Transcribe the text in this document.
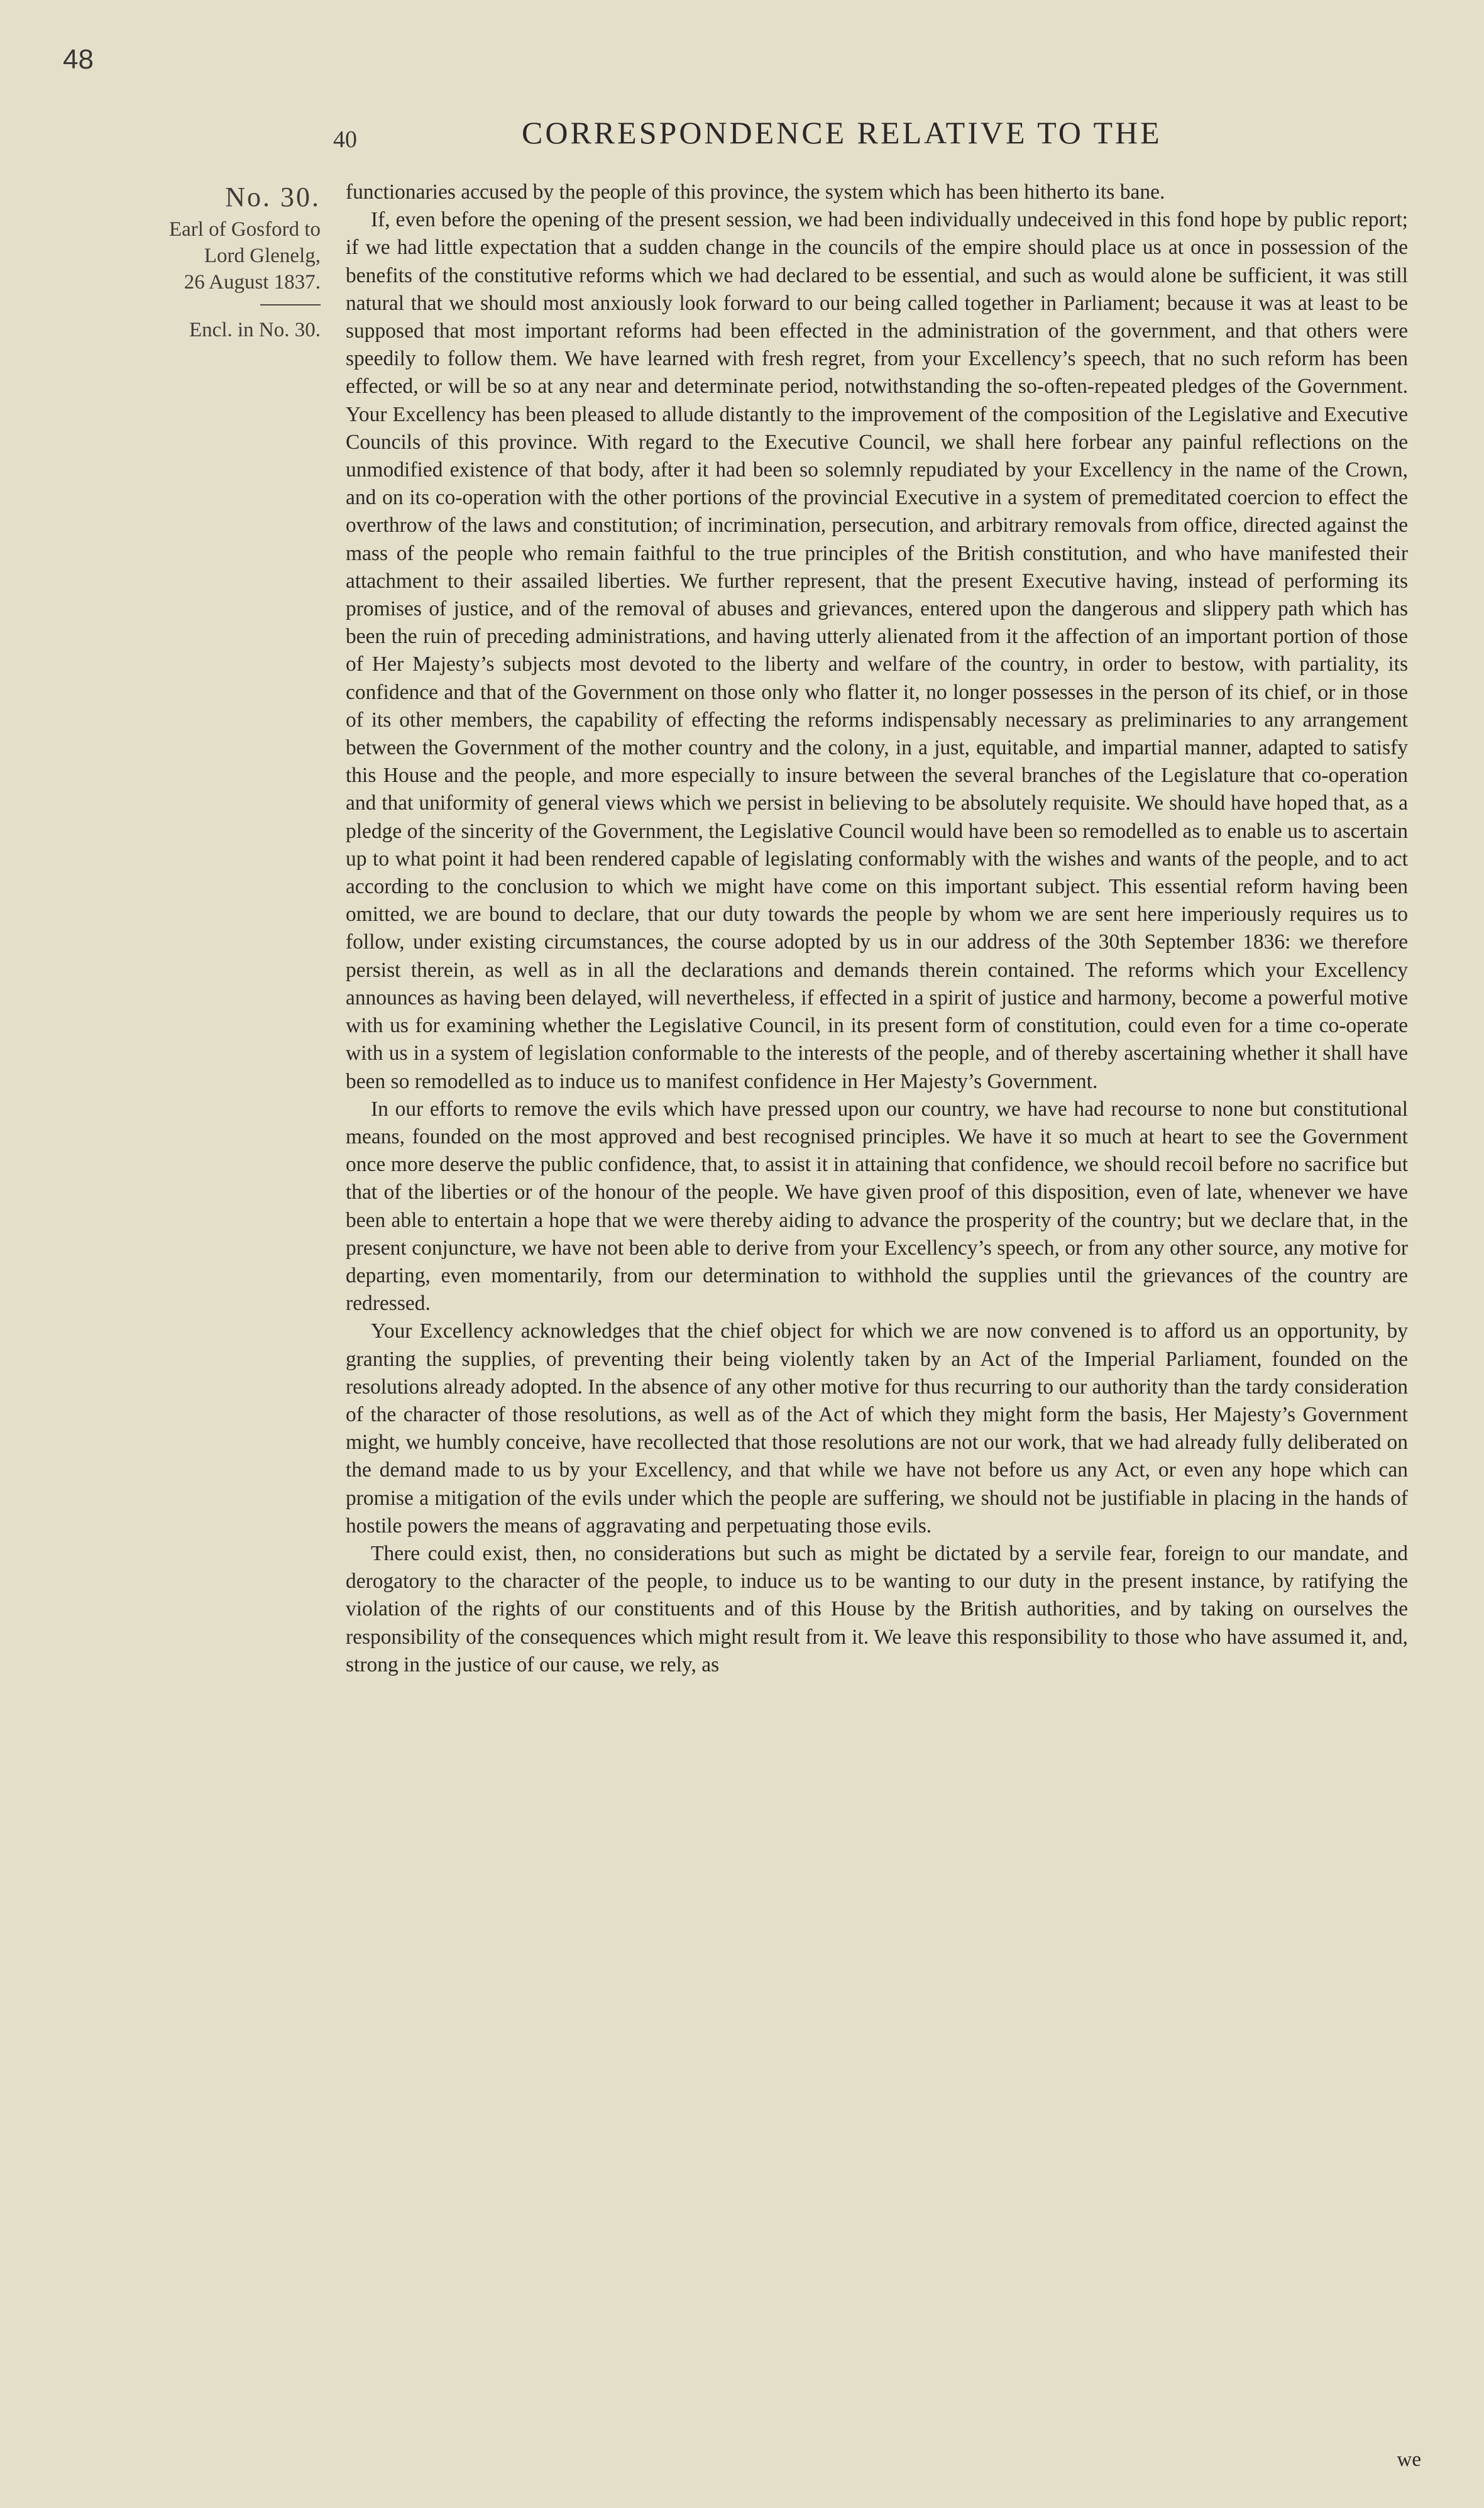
48
40	CORRESPONDENCE RELATIVE TO THE
No. 30.
Earl of Gosford to
Lord Glenelg,
26 August 1837.
Encl. in No. 30.

functionaries accused by the people of this province, the system which has been hitherto its bane.

If, even before the opening of the present session, we had been individually undeceived in this fond hope by public report; if we had little expectation that a sudden change in the councils of the empire should place us at once in possession of the benefits of the constitutive reforms which we had declared to be essential, and such as would alone be sufficient, it was still natural that we should most anxiously look forward to our being called together in Parliament; because it was at least to be supposed that most important reforms had been effected in the administration of the government, and that others were speedily to follow them. We have learned with fresh regret, from your Excellency’s speech, that no such reform has been effected, or will be so at any near and determinate period, notwithstanding the so-often-repeated pledges of the Government. Your Excellency has been pleased to allude distantly to the improvement of the composition of the Legislative and Executive Councils of this province. With regard to the Executive Council, we shall here forbear any painful reflections on the unmodified existence of that body, after it had been so solemnly repudiated by your Excellency in the name of the Crown, and on its co-operation with the other portions of the provincial Executive in a system of premeditated coercion to effect the overthrow of the laws and constitution; of incrimination, persecution, and arbitrary removals from office, directed against the mass of the people who remain faithful to the true principles of the British constitution, and who have manifested their attachment to their assailed liberties. We further represent, that the present Executive having, instead of performing its promises of justice, and of the removal of abuses and grievances, entered upon the dangerous and slippery path which has been the ruin of preceding administrations, and having utterly alienated from it the affection of an important portion of those of Her Majesty’s subjects most devoted to the liberty and welfare of the country, in order to bestow, with partiality, its confidence and that of the Government on those only who flatter it, no longer possesses in the person of its chief, or in those of its other members, the capability of effecting the reforms indispensably necessary as preliminaries to any arrangement between the Government of the mother country and the colony, in a just, equitable, and impartial manner, adapted to satisfy this House and the people, and more especially to insure between the several branches of the Legislature that co-operation and that uniformity of general views which we persist in believing to be absolutely requisite. We should have hoped that, as a pledge of the sincerity of the Government, the Legislative Council would have been so remodelled as to enable us to ascertain up to what point it had been rendered capable of legislating conformably with the wishes and wants of the people, and to act according to the conclusion to which we might have come on this important subject. This essential reform having been omitted, we are bound to declare, that our duty towards the people by whom we are sent here imperiously requires us to follow, under existing circumstances, the course adopted by us in our address of the 30th September 1836: we therefore persist therein, as well as in all the declarations and demands therein contained. The reforms which your Excellency announces as having been delayed, will nevertheless, if effected in a spirit of justice and harmony, become a powerful motive with us for examining whether the Legislative Council, in its present form of constitution, could even for a time co-operate with us in a system of legislation conformable to the interests of the people, and of thereby ascertaining whether it shall have been so remodelled as to induce us to manifest confidence in Her Majesty’s Government.

In our efforts to remove the evils which have pressed upon our country, we have had recourse to none but constitutional means, founded on the most approved and best recognised principles. We have it so much at heart to see the Government once more deserve the public confidence, that, to assist it in attaining that confidence, we should recoil before no sacrifice but that of the liberties or of the honour of the people. We have given proof of this disposition, even of late, whenever we have been able to entertain a hope that we were thereby aiding to advance the prosperity of the country; but we declare that, in the present conjuncture, we have not been able to derive from your Excellency’s speech, or from any other source, any motive for departing, even momentarily, from our determination to withhold the supplies until the grievances of the country are redressed.

Your Excellency acknowledges that the chief object for which we are now convened is to afford us an opportunity, by granting the supplies, of preventing their being violently taken by an Act of the Imperial Parliament, founded on the resolutions already adopted. In the absence of any other motive for thus recurring to our authority than the tardy consideration of the character of those resolutions, as well as of the Act of which they might form the basis, Her Majesty’s Government might, we humbly conceive, have recollected that those resolutions are not our work, that we had already fully deliberated on the demand made to us by your Excellency, and that while we have not before us any Act, or even any hope which can promise a mitigation of the evils under which the people are suffering, we should not be justifiable in placing in the hands of hostile powers the means of aggravating and perpetuating those evils.

There could exist, then, no considerations but such as might be dictated by a servile fear, foreign to our mandate, and derogatory to the character of the people, to induce us to be wanting to our duty in the present instance, by ratifying the violation of the rights of our constituents and of this House by the British authorities, and by taking on ourselves the responsibility of the consequences which might result from it. We leave this responsibility to those who have assumed it, and, strong in the justice of our cause, we rely, as

we
